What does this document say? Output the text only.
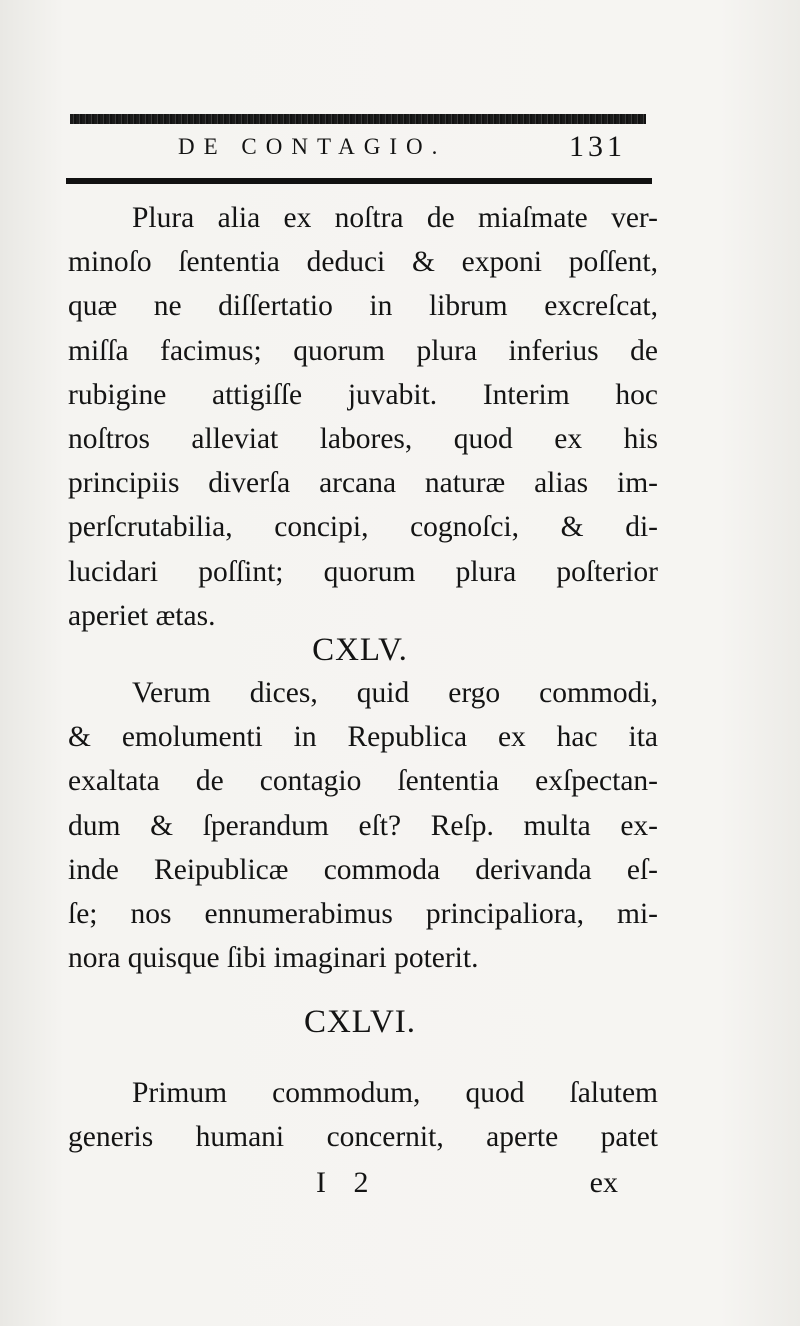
DE CONTAGIO.	131
Plura alia ex noſtra de miaſmate ver-
minoſo ſententia deduci & exponi poſſent,
quæ ne diſſertatio in librum excreſcat,
miſſa facimus; quorum plura inferius de
rubigine attigiſſe juvabit. Interim hoc
noſtros alleviat labores, quod ex his
principiis diverſa arcana naturæ alias im-
perſcrutabilia, concipi, cognoſci, & di-
lucidari poſſint; quorum plura poſterior
aperiet ætas.
CXLV.
Verum dices, quid ergo commodi,
& emolumenti in Republica ex hac ita
exaltata de contagio ſententia exſpectan-
dum & ſperandum eſt? Reſp. multa ex-
inde Reipublicæ commoda derivanda eſ-
ſe; nos ennumerabimus principaliora, mi-
nora quisque ſibi imaginari poterit.
CXLVI.
Primum commodum, quod ſalutem
generis humani concernit, aperte patet
I 2	ex
